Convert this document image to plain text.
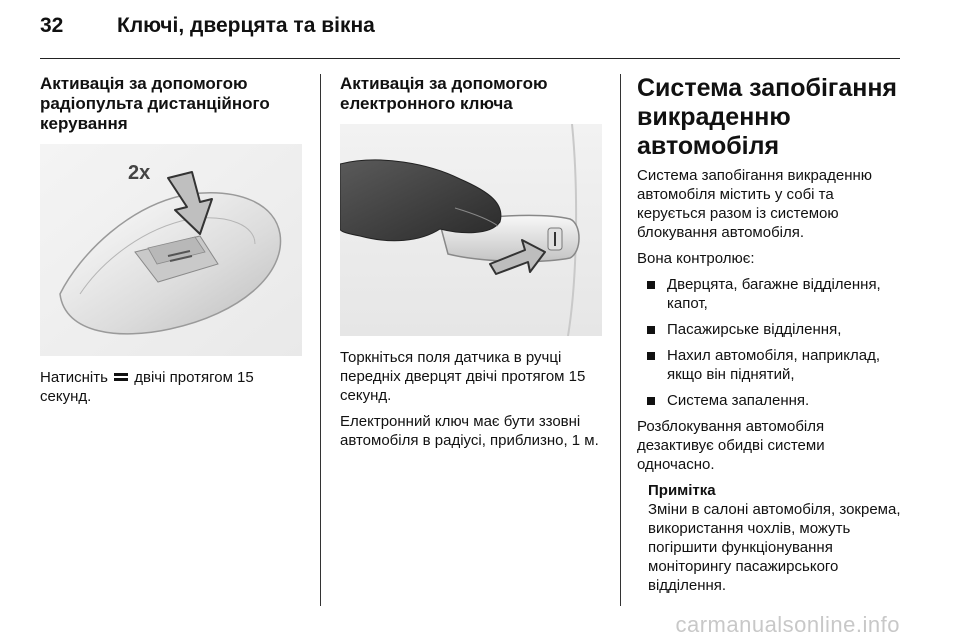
32	Ключі, дверцята та вікна
Активація за допомогою радіопульта дистанційного керування
2x

Натисніть двічі протягом 15 секунд.

Активація за допомогою електронного ключа

Торкніться поля датчика в ручці передніх дверцят двічі протягом 15 секунд.

Електронний ключ має бути ззовні автомобіля в радіусі, приблизно, 1 м.

Система запобігання викраденню автомобіля

Система запобігання викраденню автомобіля містить у собі та керується разом із системою блокування автомобіля.

Вона контролює:

Дверцята, багажне відділення, капот,
Пасажирське відділення,
Нахил автомобіля, наприклад, якщо він піднятий,
Система запалення.

Розблокування автомобіля дезактивує обидві системи одночасно.

Примітка
Зміни в салоні автомобіля, зокрема, використання чохлів, можуть погіршити функціонування моніторингу пасажирського відділення.
carmanualsonline.info
